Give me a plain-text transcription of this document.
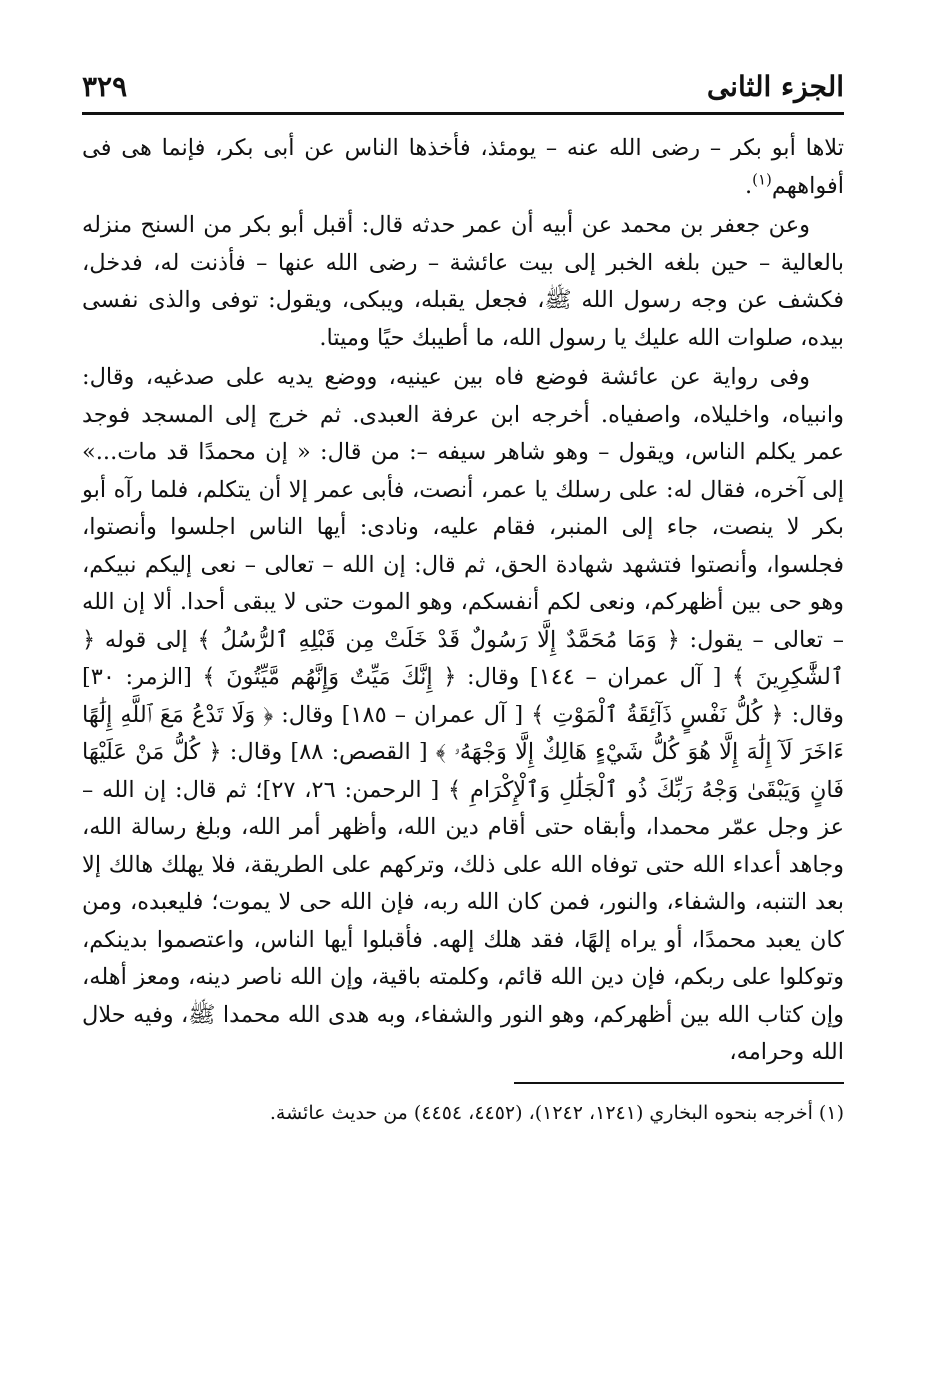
الجزء الثانى
٣٢٩

تلاها أبو بكر – رضى الله عنه – يومئذ، فأخذها الناس عن أبى بكر، فإنما هى فى أفواههم$^{(١)}$.

وعن جعفر بن محمد عن أبيه أن عمر حدثه قال: أقبل أبو بكر من السنح منزله بالعالية – حين بلغه الخبر إلى بيت عائشة – رضى الله عنها – فأذنت له، فدخل، فكشف عن وجه رسول الله ﷺ، فجعل يقبله، ويبكى، ويقول: توفى والذى نفسى بيده، صلوات الله عليك يا رسول الله، ما أطيبك حيًا وميتا.

وفى رواية عن عائشة فوضع فاه بين عينيه، ووضع يديه على صدغيه، وقال: وانبياه، واخليلاه، واصفياه. أخرجه ابن عرفة العبدى. ثم خرج إلى المسجد فوجد عمر يكلم الناس، ويقول – وهو شاهر سيفه –: من قال: « إن محمدًا قد مات...» إلى آخره، فقال له: على رسلك يا عمر، أنصت، فأبى عمر إلا أن يتكلم، فلما رآه أبو بكر لا ينصت، جاء إلى المنبر، فقام عليه، ونادى: أيها الناس اجلسوا وأنصتوا، فجلسوا، وأنصتوا فتشهد شهادة الحق، ثم قال: إن الله – تعالى – نعى إليكم نبيكم، وهو حى بين أظهركم، ونعى لكم أنفسكم، وهو الموت حتى لا يبقى أحدا. ألا إن الله – تعالى – يقول: ﴿ وَمَا مُحَمَّدٌ إِلَّا رَسُولٌ قَدْ خَلَتْ مِن قَبْلِهِ ٱلرُّسُلُ ﴾ إلى قوله ﴿ ٱلشَّٰكِرِينَ ﴾ [ آل عمران – ١٤٤] وقال: ﴿ إِنَّكَ مَيِّتٌ وَإِنَّهُم مَّيِّتُونَ ﴾ [الزمر: ٣٠] وقال: ﴿ كُلُّ نَفْسٍ ذَآئِقَةُ ٱلْمَوْتِ ﴾ [ آل عمران – ١٨٥] وقال: ﴿ وَلَا تَدْعُ مَعَ ٱللَّهِ إِلَٰهًا ءَاخَرَ لَآ إِلَٰهَ إِلَّا هُوَ كُلُّ شَيْءٍ هَالِكٌ إِلَّا وَجْهَهُۥ ﴾ [ القصص: ٨٨] وقال: ﴿ كُلُّ مَنْ عَلَيْهَا فَانٍ وَيَبْقَىٰ وَجْهُ رَبِّكَ ذُو ٱلْجَلَٰلِ وَٱلْإِكْرَامِ ﴾ [ الرحمن: ٢٦، ٢٧]؛ ثم قال: إن الله – عز وجل عمّر محمدا، وأبقاه حتى أقام دين الله، وأظهر أمر الله، وبلغ رسالة الله، وجاهد أعداء الله حتى توفاه الله على ذلك، وتركهم على الطريقة، فلا يهلك هالك إلا بعد التنبه، والشفاء، والنور، فمن كان الله ربه، فإن الله حى لا يموت؛ فليعبده، ومن كان يعبد محمدًا، أو يراه إلهًا، فقد هلك إلهه. فأقبلوا أيها الناس، واعتصموا بدينكم، وتوكلوا على ربكم، فإن دين الله قائم، وكلمته باقية، وإن الله ناصر دينه، ومعز أهله، وإن كتاب الله بين أظهركم، وهو النور والشفاء، وبه هدى الله محمدا ﷺ، وفيه حلال الله وحرامه،

(١) أخرجه بنحوه البخاري (١٢٤١، ١٢٤٢)، (٤٤٥٢، ٤٤٥٤) من حديث عائشة.
